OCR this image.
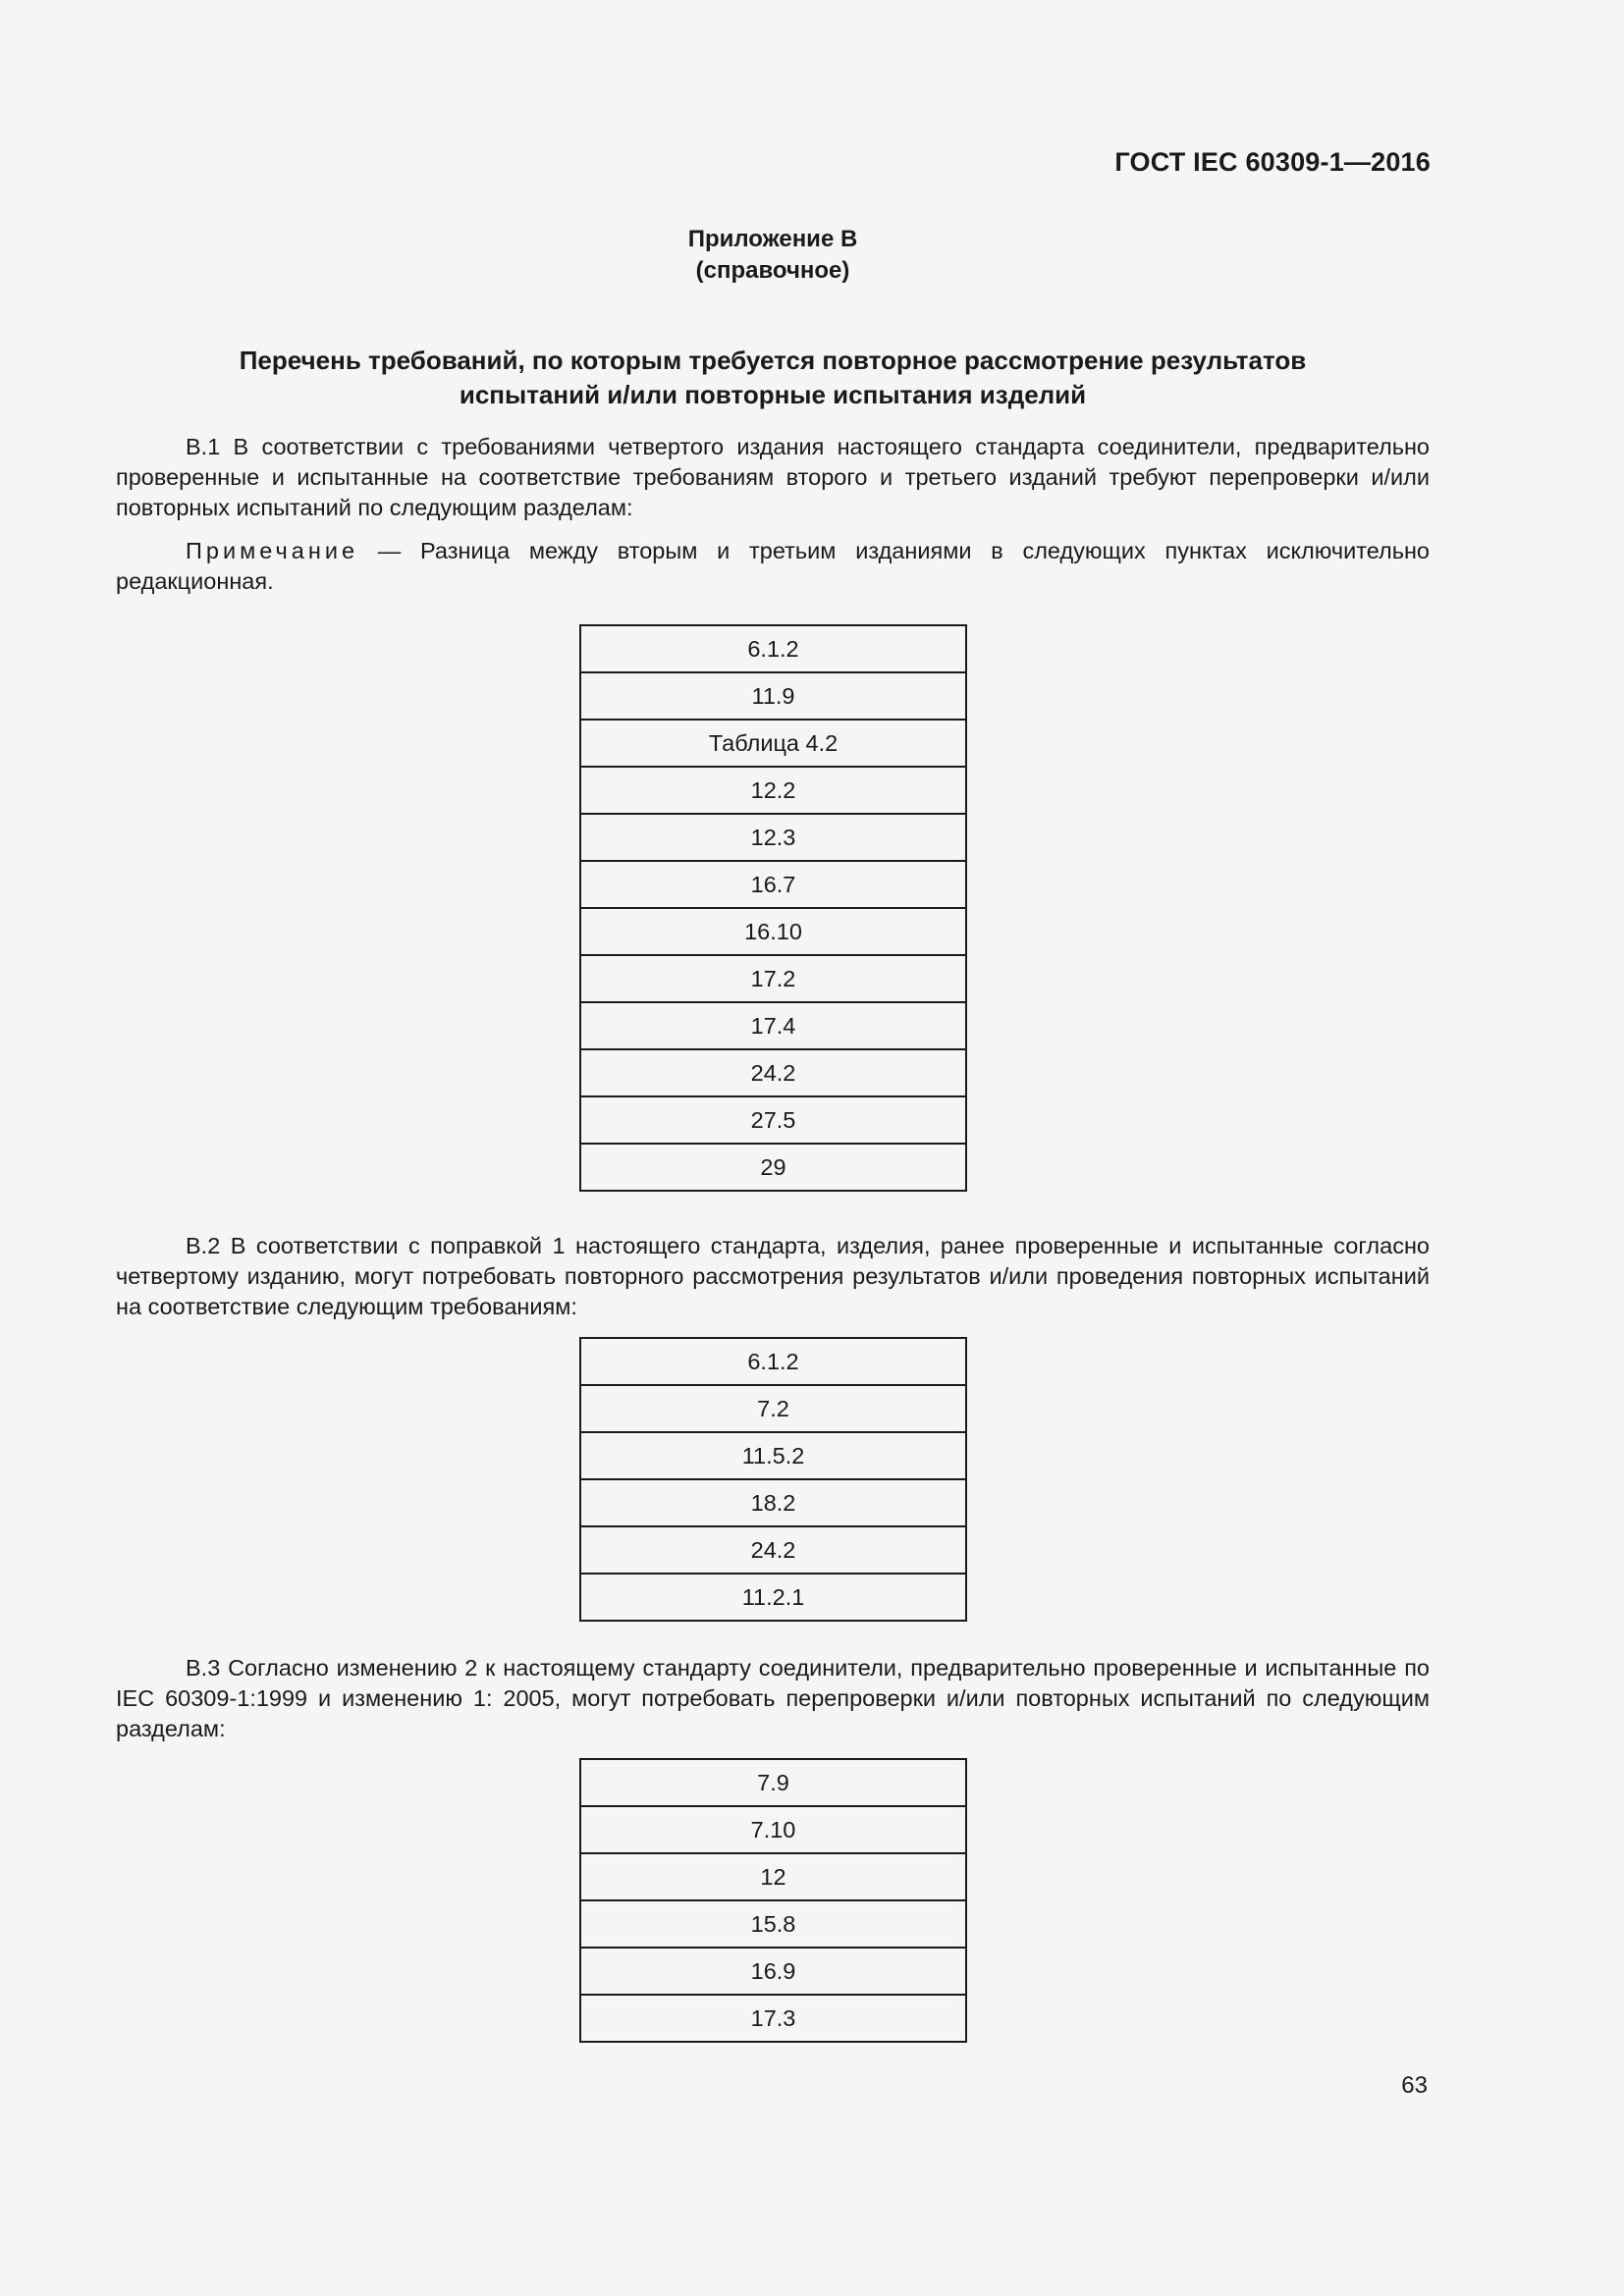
ГОСТ IEC 60309-1—2016
Приложение В
(справочное)
Перечень требований, по которым требуется повторное рассмотрение результатов
испытаний и/или повторные испытания изделий

В.1 В соответствии с требованиями четвертого издания настоящего стандарта соединители, предварительно проверенные и испытанные на соответствие требованиям второго и третьего изданий требуют перепроверки и/или повторных испытаний по следующим разделам:

Примечание — Разница между вторым и третьим изданиями в следующих пунктах исключительно редакционная.

6.1.2
11.9
Таблица 4.2
12.2
12.3
16.7
16.10
17.2
17.4
24.2
27.5
29

В.2 В соответствии с поправкой 1 настоящего стандарта, изделия, ранее проверенные и испытанные согласно четвертому изданию, могут потребовать повторного рассмотрения результатов и/или проведения повторных испытаний на соответствие следующим требованиям:

6.1.2
7.2
11.5.2
18.2
24.2
11.2.1

В.3 Согласно изменению 2 к настоящему стандарту соединители, предварительно проверенные и испытанные по IEC 60309-1:1999 и изменению 1: 2005, могут потребовать перепроверки и/или повторных испытаний по следующим разделам:

7.9
7.10
12
15.8
16.9
17.3
63
